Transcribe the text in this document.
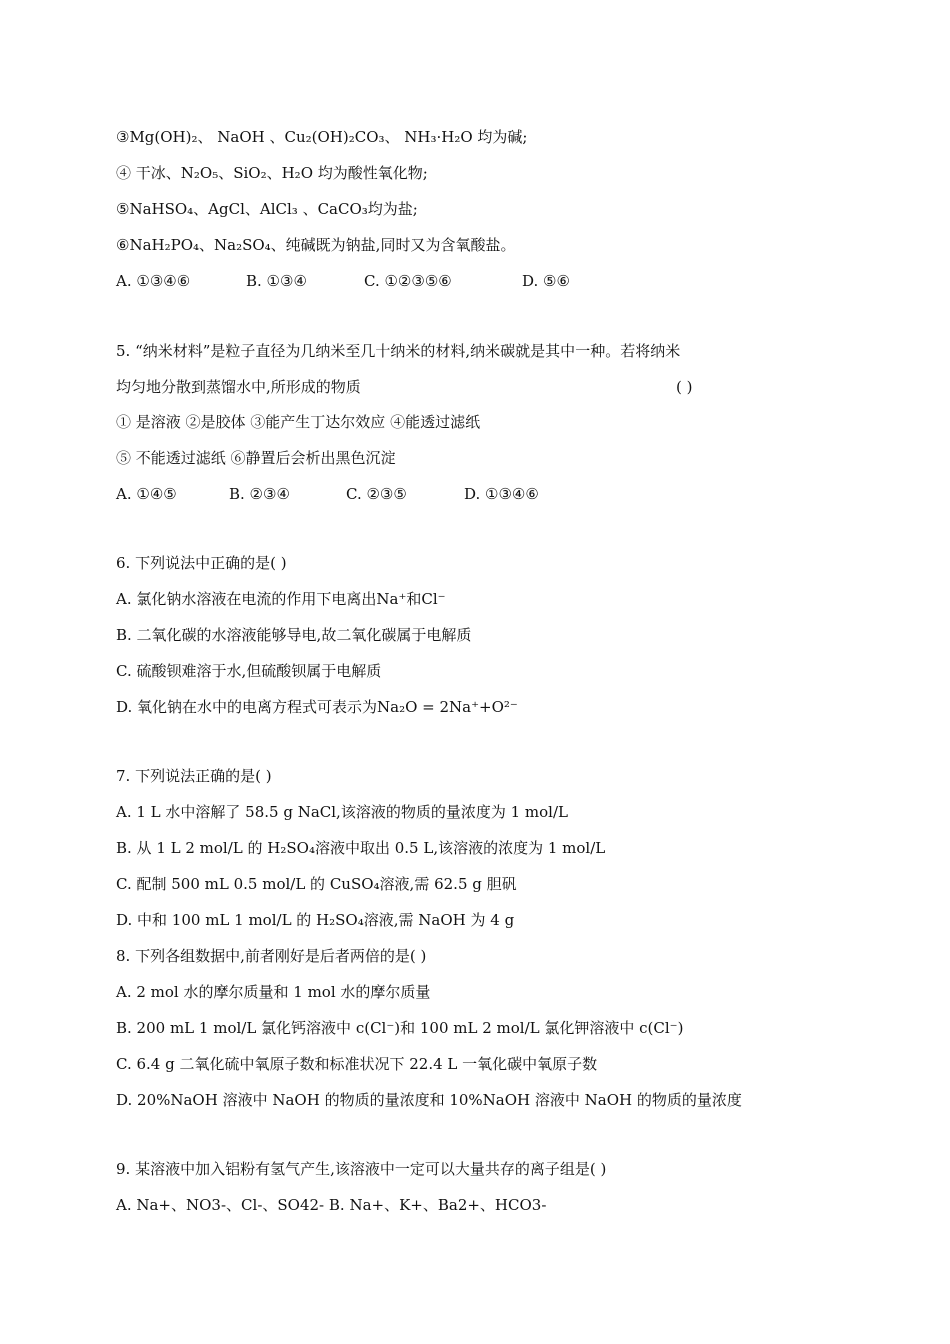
③Mg(OH)₂、 NaOH 、Cu₂(OH)₂CO₃、 NH₃·H₂O 均为碱;
④ 干冰、N₂O₅、SiO₂、H₂O 均为酸性氧化物;
⑤NaHSO₄、AgCl、AlCl₃ 、CaCO₃均为盐;
⑥NaH₂PO₄、Na₂SO₄、纯碱既为钠盐,同时又为含氧酸盐。
A. ①③④⑥	B. ①③④	C. ①②③⑤⑥	D. ⑤⑥
5. “纳米材料”是粒子直径为几纳米至几十纳米的材料,纳米碳就是其中一种。若将纳米
均匀地分散到蒸馏水中,所形成的物质	( )
① 是溶液 ②是胶体 ③能产生丁达尔效应 ④能透过滤纸
⑤ 不能透过滤纸 ⑥静置后会析出黑色沉淀
A. ①④⑤	B. ②③④	C. ②③⑤	D. ①③④⑥
6. 下列说法中正确的是( )
A. 氯化钠水溶液在电流的作用下电离出Na⁺和Cl⁻
B. 二氧化碳的水溶液能够导电,故二氧化碳属于电解质
C. 硫酸钡难溶于水,但硫酸钡属于电解质
D. 氧化钠在水中的电离方程式可表示为Na₂O = 2Na⁺+O²⁻
7. 下列说法正确的是( )
A. 1 L 水中溶解了 58.5 g NaCl,该溶液的物质的量浓度为 1 mol/L
B. 从 1 L 2 mol/L 的 H₂SO₄溶液中取出 0.5 L,该溶液的浓度为 1 mol/L
C. 配制 500 mL 0.5 mol/L 的 CuSO₄溶液,需 62.5 g 胆矾
D. 中和 100 mL 1 mol/L 的 H₂SO₄溶液,需 NaOH 为 4 g
8. 下列各组数据中,前者刚好是后者两倍的是( )
A. 2 mol 水的摩尔质量和 1 mol 水的摩尔质量
B. 200 mL 1 mol/L 氯化钙溶液中 c(Cl⁻)和 100 mL 2 mol/L 氯化钾溶液中 c(Cl⁻)
C. 6.4 g 二氧化硫中氧原子数和标准状况下 22.4 L 一氧化碳中氧原子数
D. 20%NaOH 溶液中 NaOH 的物质的量浓度和 10%NaOH 溶液中 NaOH 的物质的量浓度
9. 某溶液中加入铝粉有氢气产生,该溶液中一定可以大量共存的离子组是( )
A. Na+、NO3-、Cl-、SO42- B. Na+、K+、Ba2+、HCO3-
